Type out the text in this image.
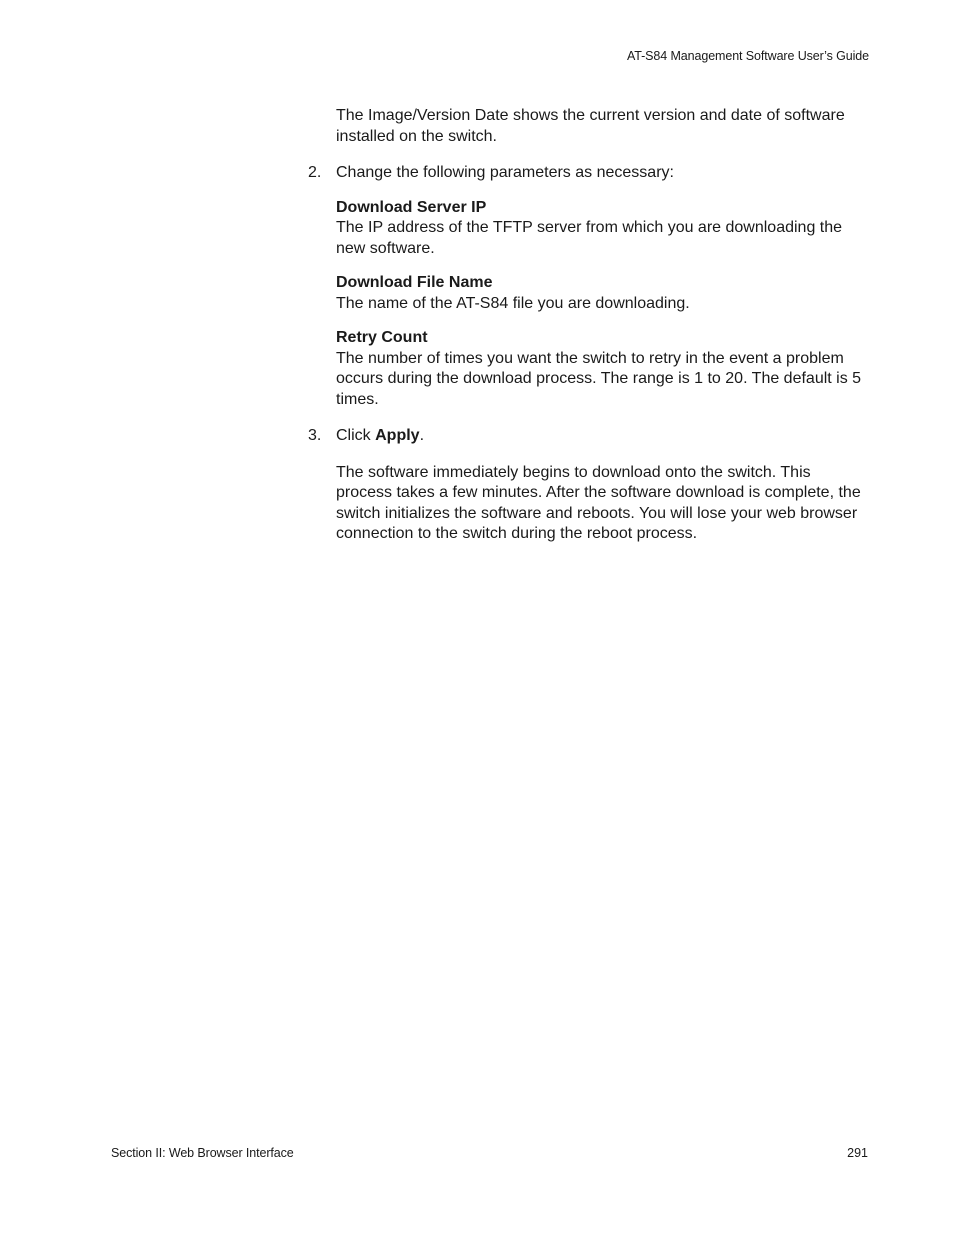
AT-S84 Management Software User’s Guide

The Image/Version Date shows the current version and date of software installed on the switch.

2. Change the following parameters as necessary:

Download Server IP
The IP address of the TFTP server from which you are downloading the new software.
Download File Name
The name of the AT-S84 file you are downloading.
Retry Count
The number of times you want the switch to retry in the event a problem occurs during the download process. The range is 1 to 20. The default is 5 times.
3. Click Apply.

The software immediately begins to download onto the switch. This process takes a few minutes. After the software download is complete, the switch initializes the software and reboots. You will lose your web browser connection to the switch during the reboot process.

Section II: Web Browser Interface	291
